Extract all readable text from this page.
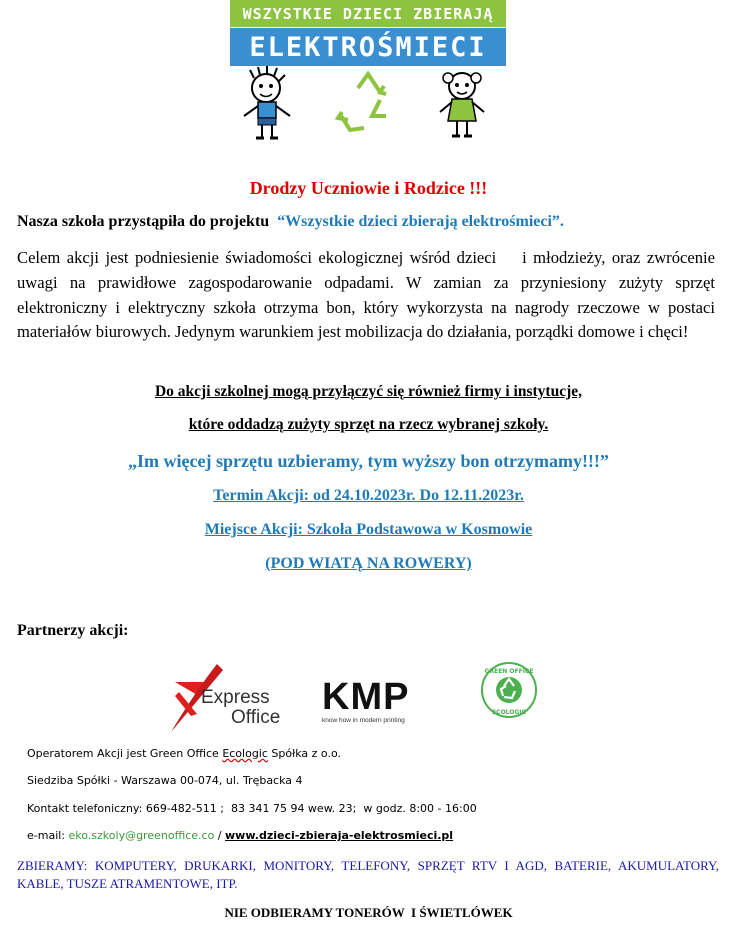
WSZYSTKIE DZIECI ZBIERAJĄ
ELEKTROŚMIECI
Drodzy Uczniowie i Rodzice !!!
Nasza szkoła przystąpiła do projektu  “Wszystkie dzieci zbierają elektrośmieci”.
Celem akcji jest podniesienie świadomości ekologicznej wśród dzieci    i młodzieży, oraz zwrócenie uwagi na prawidłowe zagospodarowanie odpadami. W zamian za przyniesiony zużyty sprzęt elektroniczny i elektryczny szkoła otrzyma bon, który wykorzysta na nagrody rzeczowe w postaci materiałów biurowych. Jedynym warunkiem jest mobilizacja do działania, porządki domowe i chęci!
Do akcji szkolnej mogą przyłączyć się również firmy i instytucje,
które oddadzą zużyty sprzęt na rzecz wybranej szkoły.
„Im więcej sprzętu uzbieramy, tym wyższy bon otrzymamy!!!”
Termin Akcji: od 24.10.2023r. Do 12.11.2023r.
Miejsce Akcji: Szkoła Podstawowa w Kosmowie
(POD WIATĄ NA ROWERY)
Partnerzy akcji:
Express
Office KMP
know how in modern printing
GREEN OFFICE
ECOLOGIC
Operatorem Akcji jest Green Office Ecologic Spółka z o.o.
Siedziba Spółki - Warszawa 00-074, ul. Trębacka 4
Kontakt telefoniczny: 669-482-511 ;  83 341 75 94 wew. 23;  w godz. 8:00 - 16:00
e-mail: eko.szkoly@greenoffice.co / www.dzieci-zbieraja-elektrosmieci.pl
ZBIERAMY: KOMPUTERY, DRUKARKI, MONITORY, TELEFONY, SPRZĘT RTV I AGD, BATERIE, AKUMULATORY, KABLE, TUSZE ATRAMENTOWE, ITP.
NIE ODBIERAMY TONERÓW  I ŚWIETLÓWEK
